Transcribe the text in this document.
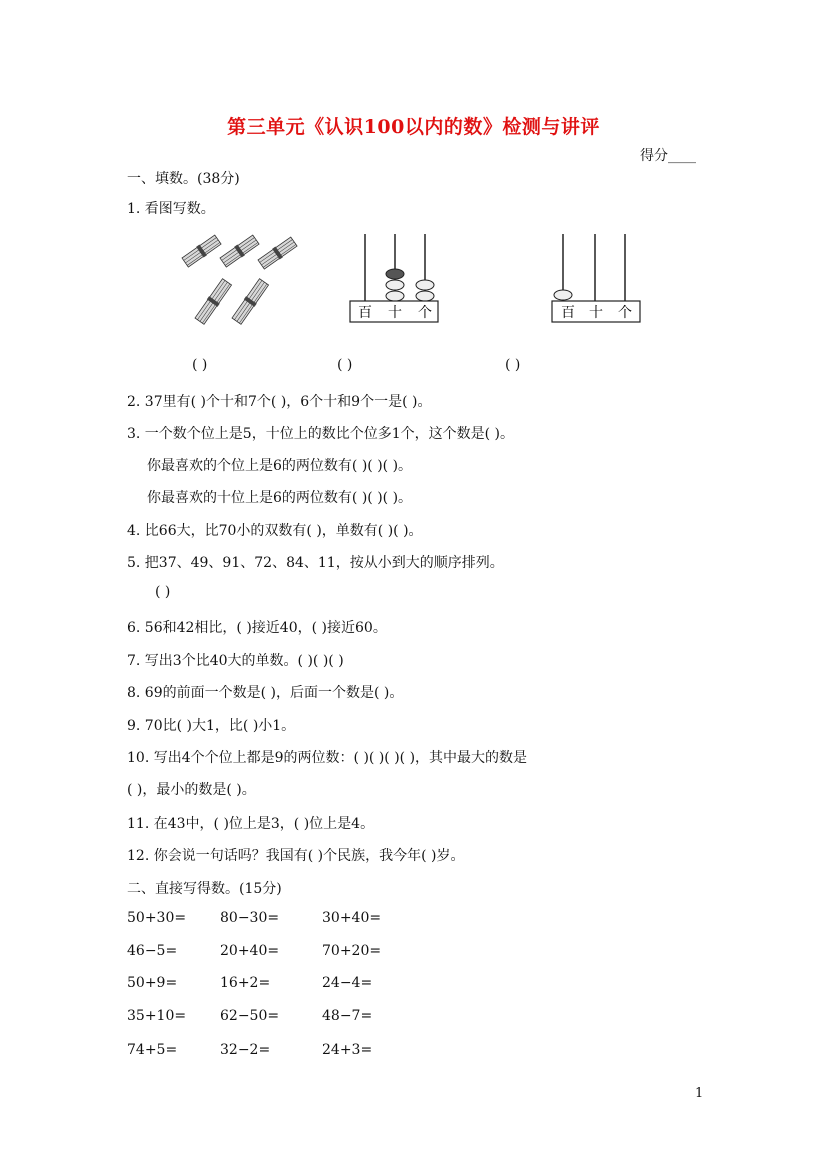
第三单元《认识100以内的数》检测与讲评
得分____
一、填数。(38分)
1. 看图写数。
百 十 个	百 十 个
( )	( )	( )
2. 37里有( )个十和7个( )，6个十和9个一是( )。
3. 一个数个位上是5，十位上的数比个位多1个，这个数是( )。
你最喜欢的个位上是6的两位数有( )( )( )。
你最喜欢的十位上是6的两位数有( )( )( )。
4. 比66大，比70小的双数有( )，单数有( )( )。
5. 把37、49、91、72、84、11，按从小到大的顺序排列。
( )
6. 56和42相比，( )接近40，( )接近60。
7. 写出3个比40大的单数。( )( )( )
8. 69的前面一个数是( )，后面一个数是( )。
9. 70比( )大1，比( )小1。
10. 写出4个个位上都是9的两位数：( )( )( )( )，其中最大的数是
( )，最小的数是( )。
11. 在43中，( )位上是3，( )位上是4。
12. 你会说一句话吗？我国有( )个民族，我今年( )岁。
二、直接写得数。(15分)
50+30= 80−30=	30+40=
46−5=	20+40=	70+20=
50+9=	16+2=	24−4=
35+10= 62−50=	48−7=
74+5=	32−2=	24+3=
1
